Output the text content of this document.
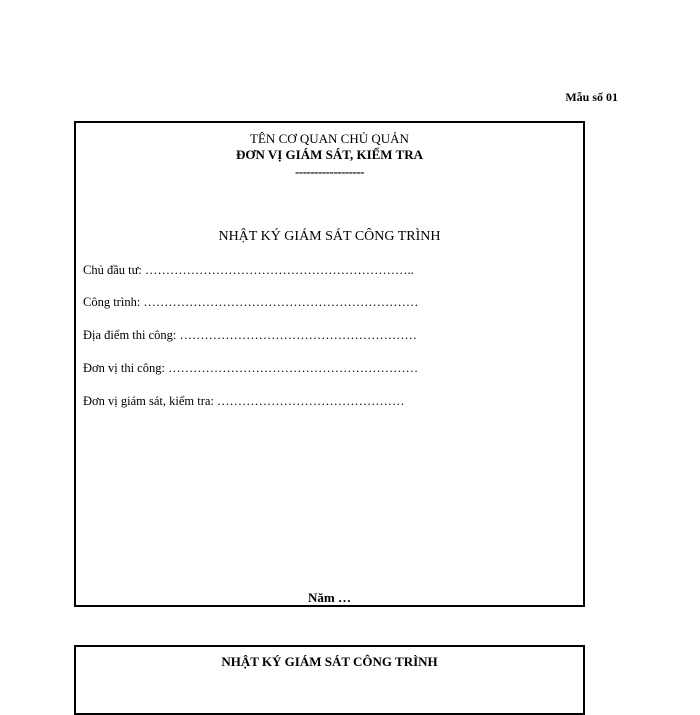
Mẫu số 01
TÊN CƠ QUAN CHỦ QUẢN
ĐƠN VỊ GIÁM SÁT, KIỂM TRA
------------------
NHẬT KÝ GIÁM SÁT CÔNG TRÌNH
Chủ đầu tư: ………………………………………………………..
Công trình: …………………………………………………………
Địa điểm thi công: …………………………………………………
Đơn vị thi công: ……………………………………………………
Đơn vị giám sát, kiểm tra: ………………………………………
Năm …
NHẬT KÝ GIÁM SÁT CÔNG TRÌNH
